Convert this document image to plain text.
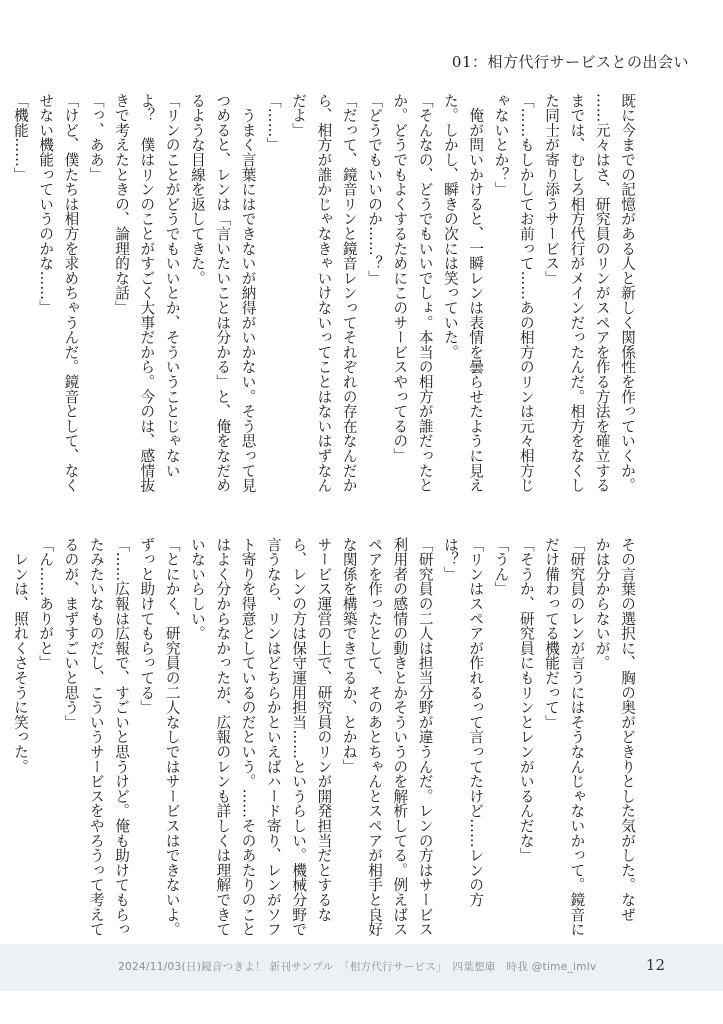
01：相方代行サービスとの出会い

既に今までの記憶がある人と新しく関係性を作っていくか。

……元々はさ、研究員のリンがスペアを作る方法を確立する

までは、むしろ相方代行がメインだったんだ。相方をなくし

た同士が寄り添うサービス」

「……もしかしてお前って……あの相方のリンは元々相方じ

ゃないとか？」

　俺が問いかけると、一瞬レンは表情を曇らせたように見え

た。しかし、瞬きの次には笑っていた。

「そんなの、どうでもいいでしょ。本当の相方が誰だったと

か。どうでもよくするためにこのサービスやってるの」

「どうでもいいのか……？」

「だって、鏡音リンと鏡音レンってそれぞれの存在なんだか

ら、相方が誰かじゃなきゃいけないってことはないはずなん

だよ」

「……」

　うまく言葉にはできないが納得がいかない。そう思って見

つめると、レンは「言いたいことは分かる」と、俺をなだめ

るような目線を返してきた。

「リンのことがどうでもいいとか、そういうことじゃない

よ？　僕はリンのことがすごく大事だから。今のは、感情抜

きで考えたときの、論理的な話」

「っ、ああ」

「けど、僕たちは相方を求めちゃうんだ。鏡音として、なく

せない機能っていうのかな……」

「機能……」

その言葉の選択に、胸の奥がどきりとした気がした。なぜ

かは分からないが。

「研究員のレンが言うにはそうなんじゃないかって。鏡音に

だけ備わってる機能だって」

「そうか、研究員にもリンとレンがいるんだな」

「うん」

「リンはスペアが作れるって言ってたけど……レンの方

は？」

「研究員の二人は担当分野が違うんだ。レンの方はサービス

利用者の感情の動きとかそういうのを解析してる。例えばス

ペアを作ったとして、そのあとちゃんとスペアが相手と良好

な関係を構築できてるか、とかね」

サービス運営の上で、研究員のリンが開発担当だとするな

ら、レンの方は保守運用担当……というらしい。機械分野で

言うなら、リンはどちらかといえばハード寄り、レンがソフ

ト寄りを得意としているのだという。……そのあたりのこと

はよく分からなかったが、広報のレンも詳しくは理解できて

いないらしい。

「とにかく、研究員の二人なしではサービスはできないよ。

ずっと助けてもらってる」

「……広報は広報で、すごいと思うけど。俺も助けてもらっ

たみたいなものだし、こういうサービスをやろうって考えて

るのが、まずすごいと思う」

「ん……ありがと」

　レンは、照れくさそうに笑った。

2024/11/03(日)鏡音つきよ！ 新刊サンプル　「相方代行サービス」　四葉想庫　時我 @time_imlv	12
